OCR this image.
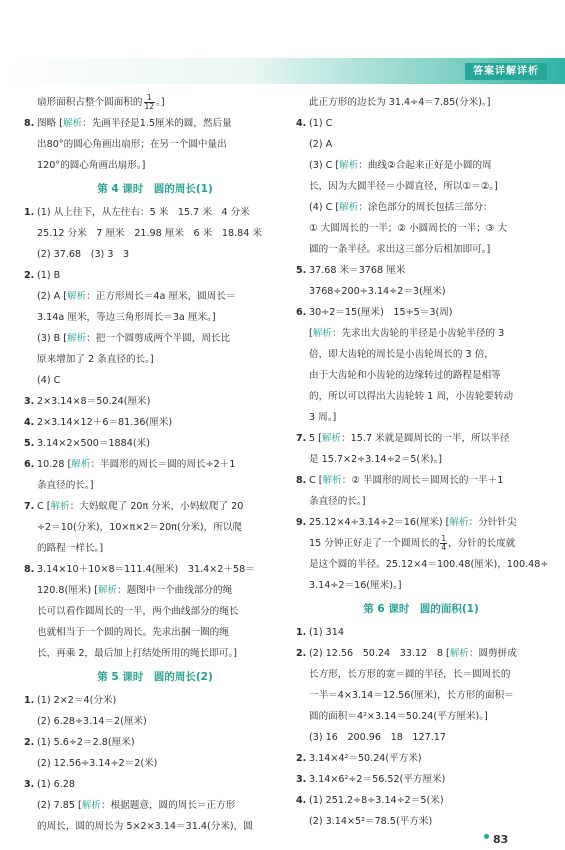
答案详解详析
扇形面积占整个圆面积的 $\frac{1}{12}$ 。]
8. 图略 [解析：先画半径是1.5厘米的圆，然后量
出80°的圆心角画出扇形；在另一个圆中量出
120°的圆心角画出扇形。]
第 4 课时　圆的周长(1)
1. (1) 从上往下，从左往右：5 米　15.7 米　4 分米
25.12 分米　7 厘米　21.98 厘米　6 米　18.84 米
(2) 37.68　(3) 3　3
2. (1) B
(2) A [解析：正方形周长＝4a 厘米，圆周长＝
3.14a 厘米，等边三角形周长＝3a 厘米。]
(3) B [解析：把一个圆剪成两个半圆，周长比
原来增加了 2 条直径的长。]
(4) C
3. 2×3.14×8＝50.24(厘米)
4. 2×3.14×12＋6＝81.36(厘米)
5. 3.14×2×500＝1884(米)
6. 10.28 [解析：半圆形的周长＝圆的周长÷2＋1
条直径的长。]
7. C [解析：大妈蚁爬了 20π 分米，小妈蚁爬了 20
÷2＝10(分米)，10×π×2＝20π(分米)，所以爬
的路程一样长。]
8. 3.14×10＋10×8＝111.4(厘米)　31.4×2＋58＝
120.8(厘米) [解析：题图中一个曲线部分的绳
长可以看作圆周长的一半，两个曲线部分的绳长
也就相当于一个圆的周长。先求出捆一圈的绳
长，再乘 2，最后加上打结处所用的绳长即可。]
第 5 课时　圆的周长(2)
1. (1) 2×2＝4(分米)
(2) 6.28÷3.14＝2(厘米)
2. (1) 5.6÷2＝2.8(厘米)
(2) 12.56÷3.14÷2＝2(米)
3. (1) 6.28
(2) 7.85 [解析：根据题意，圆的周长＝正方形
的周长，圆的周长为 5×2×3.14＝31.4(分米)，圆
此正方形的边长为 31.4÷4＝7.85(分米)。]
4. (1) C
(2) A
(3) C [解析：曲线②合起来正好是小圆的周
长，因为大圆半径＝小圆直径，所以①＝②。]
(4) C [解析：涂色部分的周长包括三部分：
① 大圆周长的一半；② 小圆周长的一半；③ 大
圆的一条半径。求出这三部分后相加即可。]
5. 37.68 米＝3768 厘米
3768÷200÷3.14÷2＝3(厘米)
6. 30÷2＝15(厘米)　15÷5＝3(周)
[解析：先求出大齿轮的半径是小齿轮半径的 3
倍，即大齿轮的周长是小齿轮周长的 3 倍，
由于大齿轮和小齿轮的边缘转过的路程是相等
的，所以可以得出大齿轮转 1 周，小齿轮要转动
3 周。]
7. 5 [解析：15.7 米就是圆周长的一半，所以半径
是 15.7×2÷3.14÷2＝5(米)。]
8. C [解析：② 半圆形的周长＝圆周长的一半＋1
条直径的长。]
9. 25.12×4÷3.14÷2＝16(厘米) [解析：分针针尖
15 分钟正好走了一个圆周长的 $\frac{1}{4}$ ，分针的长度就
是这个圆的半径。25.12×4＝100.48(厘米)，100.48÷
3.14÷2＝16(厘米)。]
第 6 课时　圆的面积(1)
1. (1) 314
2. (2) 12.56　50.24　33.12　8 [解析：圆剪拼成
长方形，长方形的宽＝圆的半径，长＝圆周长的
一半＝4×3.14＝12.56(厘米)，长方形的面积＝
圆的面积＝4²×3.14＝50.24(平方厘米)。]
(3) 16　200.96　18　127.17
2. 3.14×4²＝50.24(平方米)
3. 3.14×6²÷2＝56.52(平方厘米)
4. (1) 251.2÷8÷3.14÷2＝5(米)
(2) 3.14×5²＝78.5(平方米)
83
